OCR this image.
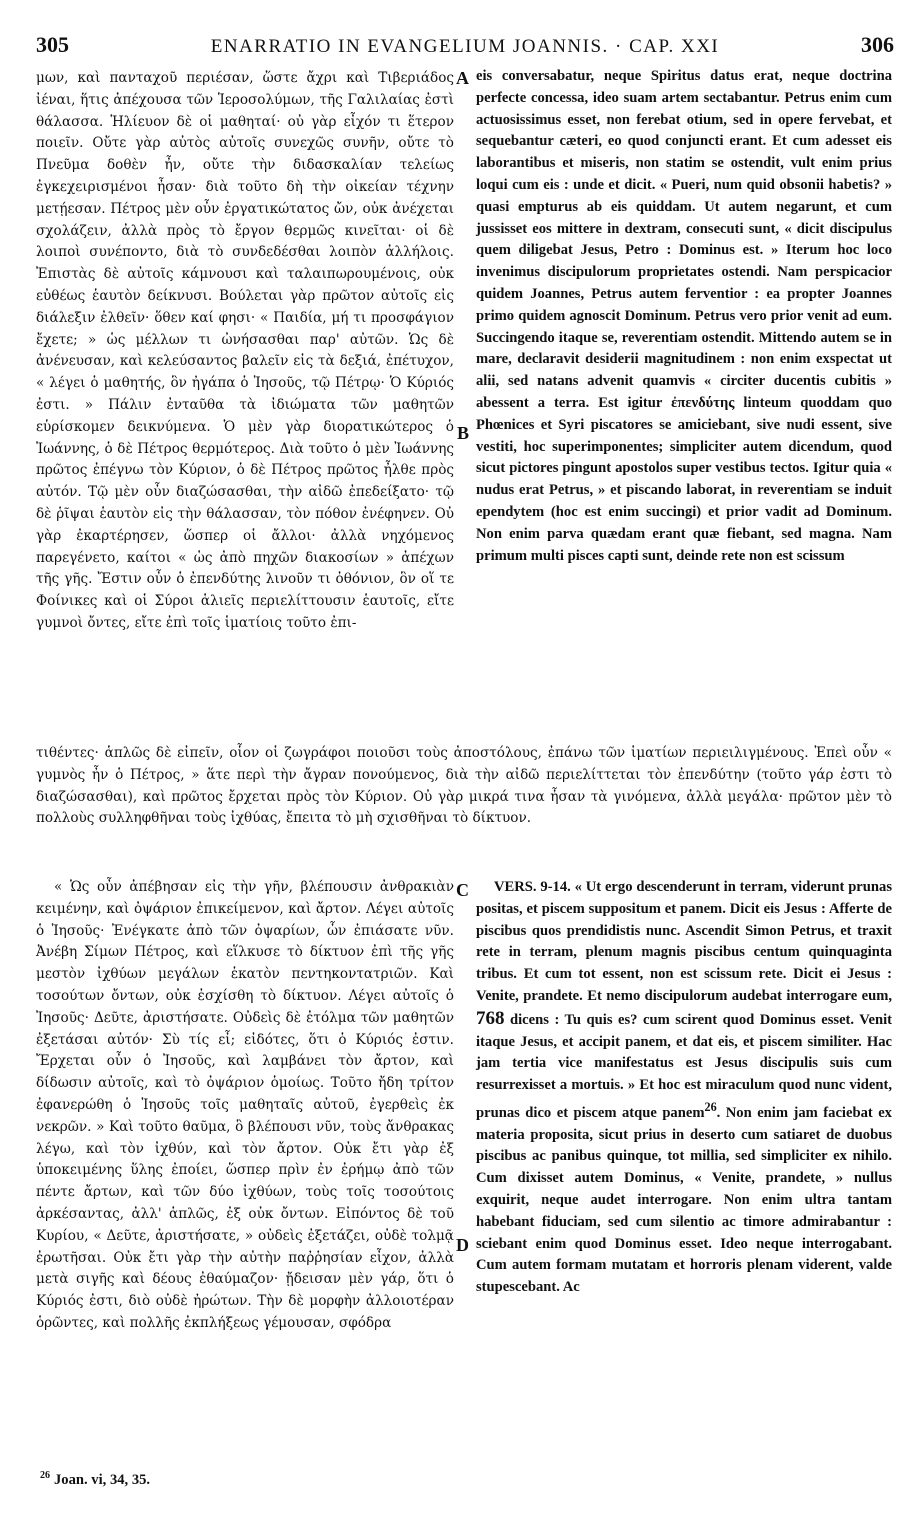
305	ENARRATIO IN EVANGELIUM JOANNIS. · CAP. XXI	306
A
B
C
D

μων, καὶ πανταχοῦ περιέσαν, ὥστε ἄχρι καὶ Τιβεριάδος ἰέναι, ἥτις ἀπέχουσα τῶν Ἱεροσολύμων, τῆς Γαλιλαίας ἐστὶ θάλασσα. Ἡλίευον δὲ οἱ μαθηταί· οὐ γὰρ εἶχόν τι ἕτερον ποιεῖν. Οὔτε γὰρ αὐτὸς αὐτοῖς συνεχῶς συνῆν, οὔτε τὸ Πνεῦμα δοθὲν ἦν, οὔτε τὴν διδασκαλίαν τελείως ἐγκεχειρισμένοι ἦσαν· διὰ τοῦτο δὴ τὴν οἰκείαν τέχνην μετῄεσαν. Πέτρος μὲν οὖν ἐργατικώτατος ὤν, οὐκ ἀνέχεται σχολάζειν, ἀλλὰ πρὸς τὸ ἔργον θερμῶς κινεῖται· οἱ δὲ λοιποὶ συνέποντο, διὰ τὸ συνδεδέσθαι λοιπὸν ἀλλήλοις. Ἐπιστὰς δὲ αὐτοῖς κάμνουσι καὶ ταλαιπωρουμένοις, οὐκ εὐθέως ἑαυτὸν δείκνυσι. Βούλεται γὰρ πρῶτον αὐτοῖς εἰς διάλεξιν ἐλθεῖν· ὅθεν καί φησι· « Παιδία, μή τι προσφάγιον ἔχετε; » ὡς μέλλων τι ὠνήσασθαι παρ' αὐτῶν. Ὡς δὲ ἀνένευσαν, καὶ κελεύσαντος βαλεῖν εἰς τὰ δεξιά, ἐπέτυχον, « λέγει ὁ μαθητής, ὃν ἠγάπα ὁ Ἰησοῦς, τῷ Πέτρῳ· Ὁ Κύριός ἐστι. » Πάλιν ἐνταῦθα τὰ ἰδιώματα τῶν μαθητῶν εὑρίσκομεν δεικνύμενα. Ὁ μὲν γὰρ διορατικώτερος ὁ Ἰωάννης, ὁ δὲ Πέτρος θερμότερος. Διὰ τοῦτο ὁ μὲν Ἰωάννης πρῶτος ἐπέγνω τὸν Κύριον, ὁ δὲ Πέτρος πρῶτος ἦλθε πρὸς αὐτόν. Τῷ μὲν οὖν διαζώσασθαι, τὴν αἰδῶ ἐπεδείξατο· τῷ δὲ ῥῖψαι ἑαυτὸν εἰς τὴν θάλασσαν, τὸν πόθον ἐνέφηνεν. Οὐ γὰρ ἐκαρτέρησεν, ὥσπερ οἱ ἄλλοι· ἀλλὰ νηχόμενος παρεγένετο, καίτοι « ὡς ἀπὸ πηχῶν διακοσίων » ἀπέχων τῆς γῆς. Ἔστιν οὖν ὁ ἐπενδύτης λινοῦν τι ὀθόνιον, ὃν οἵ τε Φοίνικες καὶ οἱ Σύροι ἁλιεῖς περιελίττουσιν ἑαυτοῖς, εἴτε γυμνοὶ ὄντες, εἴτε ἐπὶ τοῖς ἱματίοις τοῦτο ἐπι-

eis conversabatur, neque Spiritus datus erat, neque doctrina perfecte concessa, ideo suam artem sectabantur. Petrus enim cum actuosissimus esset, non ferebat otium, sed in opere fervebat, et sequebantur cæteri, eo quod conjuncti erant. Et cum adesset eis laborantibus et miseris, non statim se ostendit, vult enim prius loqui cum eis : unde et dicit. « Pueri, num quid obsonii habetis? » quasi empturus ab eis quiddam. Ut autem negarunt, et cum jussisset eos mittere in dextram, consecuti sunt, « dicit discipulus quem diligebat Jesus, Petro : Dominus est. » Iterum hoc loco invenimus discipulorum proprietates ostendi. Nam perspicacior quidem Joannes, Petrus autem ferventior : ea propter Joannes primo quidem agnoscit Dominum. Petrus vero prior venit ad eum. Succingendo itaque se, reverentiam ostendit. Mittendo autem se in mare, declaravit desiderii magnitudinem : non enim exspectat ut alii, sed natans advenit quamvis « circiter ducentis cubitis » abessent a terra. Est igitur ἐπενδύτης linteum quoddam quo Phœnices et Syri piscatores se amiciebant, sive nudi essent, sive vestiti, hoc superimponentes; simpliciter autem dicendum, quod sicut pictores pingunt apostolos super vestibus tectos. Igitur quia « nudus erat Petrus, » et piscando laborat, in reverentiam se induit ependytem (hoc est enim succingi) et prior vadit ad Dominum. Non enim parva quædam erant quæ fiebant, sed magna. Nam primum multi pisces capti sunt, deinde rete non est scissum

τιθέντες· ἁπλῶς δὲ εἰπεῖν, οἷον οἱ ζωγράφοι ποιοῦσι τοὺς ἀποστόλους, ἐπάνω τῶν ἱματίων περιειλιγμένους. Ἐπεὶ οὖν « γυμνὸς ἦν ὁ Πέτρος, » ἅτε περὶ τὴν ἄγραν πονούμενος, διὰ τὴν αἰδῶ περιελίττεται τὸν ἐπενδύτην (τοῦτο γάρ ἐστι τὸ διαζώσασθαι), καὶ πρῶτος ἔρχεται πρὸς τὸν Κύριον. Οὐ γὰρ μικρά τινα ἦσαν τὰ γινόμενα, ἀλλὰ μεγάλα· πρῶτον μὲν τὸ πολλοὺς συλληφθῆναι τοὺς ἰχθύας, ἔπειτα τὸ μὴ σχισθῆναι τὸ δίκτυον.

« Ὡς οὖν ἀπέβησαν εἰς τὴν γῆν, βλέπουσιν ἀνθρακιὰν κειμένην, καὶ ὀψάριον ἐπικείμενον, καὶ ἄρτον. Λέγει αὐτοῖς ὁ Ἰησοῦς· Ἐνέγκατε ἀπὸ τῶν ὀψαρίων, ὧν ἐπιάσατε νῦν. Ἀνέβη Σίμων Πέτρος, καὶ εἵλκυσε τὸ δίκτυον ἐπὶ τῆς γῆς μεστὸν ἰχθύων μεγάλων ἑκατὸν πεντηκοντατριῶν. Καὶ τοσούτων ὄντων, οὐκ ἐσχίσθη τὸ δίκτυον. Λέγει αὐτοῖς ὁ Ἰησοῦς· Δεῦτε, ἀριστήσατε. Οὐδεὶς δὲ ἐτόλμα τῶν μαθητῶν ἐξετάσαι αὐτόν· Σὺ τίς εἶ; εἰδότες, ὅτι ὁ Κύριός ἐστιν. Ἔρχεται οὖν ὁ Ἰησοῦς, καὶ λαμβάνει τὸν ἄρτον, καὶ δίδωσιν αὐτοῖς, καὶ τὸ ὀψάριον ὁμοίως. Τοῦτο ἤδη τρίτον ἐφανερώθη ὁ Ἰησοῦς τοῖς μαθηταῖς αὐτοῦ, ἐγερθεὶς ἐκ νεκρῶν. » Καὶ τοῦτο θαῦμα, ὃ βλέπουσι νῦν, τοὺς ἄνθρακας λέγω, καὶ τὸν ἰχθύν, καὶ τὸν ἄρτον. Οὐκ ἔτι γὰρ ἐξ ὑποκειμένης ὕλης ἐποίει, ὥσπερ πρὶν ἐν ἐρήμῳ ἀπὸ τῶν πέντε ἄρτων, καὶ τῶν δύο ἰχθύων, τοὺς τοῖς τοσούτοις ἀρκέσαντας, ἀλλ' ἁπλῶς, ἐξ οὐκ ὄντων. Εἰπόντος δὲ τοῦ Κυρίου, « Δεῦτε, ἀριστήσατε, » οὐδεὶς ἐξετάζει, οὐδὲ τολμᾷ ἐρωτῆσαι. Οὐκ ἔτι γὰρ τὴν αὐτὴν παῤῥησίαν εἶχον, ἀλλὰ μετὰ σιγῆς καὶ δέους ἐθαύμαζον· ᾔδεισαν μὲν γάρ, ὅτι ὁ Κύριός ἐστι, διὸ οὐδὲ ἠρώτων. Τὴν δὲ μορφὴν ἀλλοιοτέραν ὁρῶντες, καὶ πολλῆς ἐκπλήξεως γέμουσαν, σφόδρα

VERS. 9-14. « Ut ergo descenderunt in terram, viderunt prunas positas, et piscem suppositum et panem. Dicit eis Jesus : Afferte de piscibus quos prendidistis nunc. Ascendit Simon Petrus, et traxit rete in terram, plenum magnis piscibus centum quinquaginta tribus. Et cum tot essent, non est scissum rete. Dicit ei Jesus : Venite, prandete. Et nemo discipulorum audebat interrogare eum, 768 dicens : Tu quis es? cum scirent quod Dominus esset. Venit itaque Jesus, et accipit panem, et dat eis, et piscem similiter. Hac jam tertia vice manifestatus est Jesus discipulis suis cum resurrexisset a mortuis. » Et hoc est miraculum quod nunc vident, prunas dico et piscem atque panem$^{26}$. Non enim jam faciebat ex materia proposita, sicut prius in deserto cum satiaret de duobus piscibus ac panibus quinque, tot millia, sed simpliciter ex nihilo. Cum dixisset autem Dominus, « Venite, prandete, » nullus exquirit, neque audet interrogare. Non enim ultra tantam habebant fiduciam, sed cum silentio ac timore admirabantur : sciebant enim quod Dominus esset. Ideo neque interrogabant. Cum autem formam mutatam et horroris plenam viderent, valde stupescebant. Ac

$^{26}$ Joan. vi, 34, 35.
